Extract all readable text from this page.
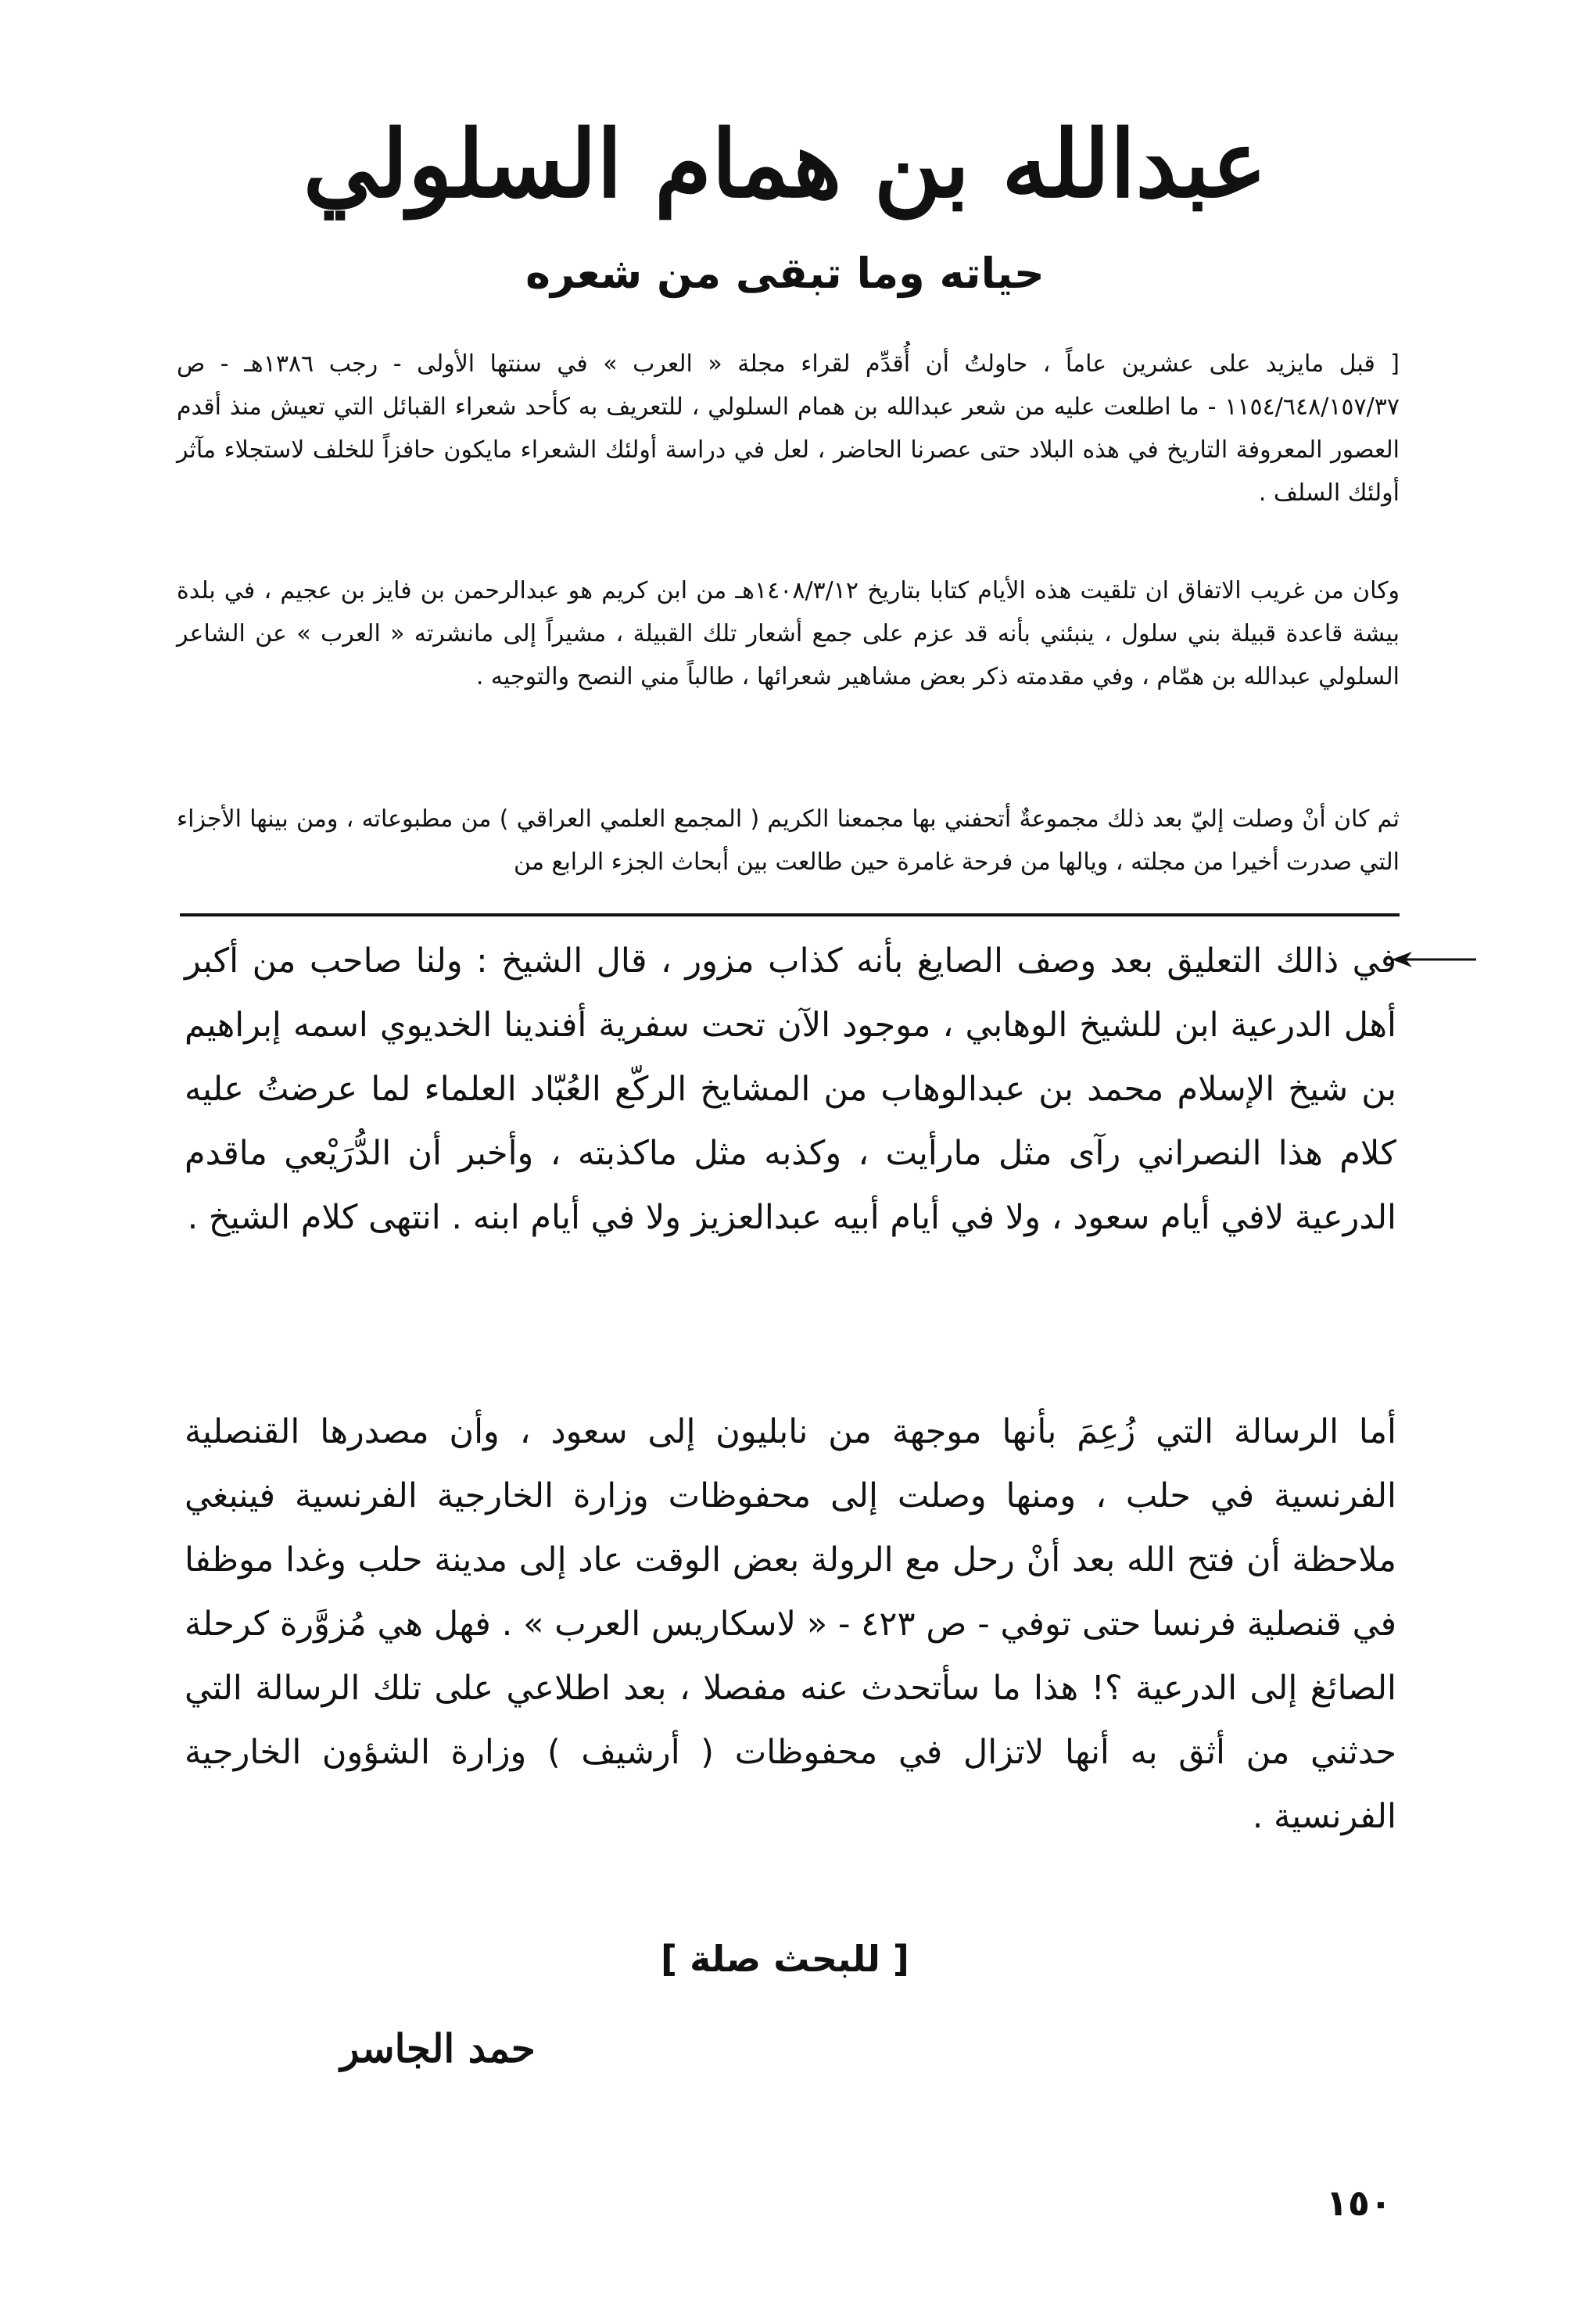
عبدالله بن همام السلولي
حياته وما تبقى من شعره

[ قبل مايزيد على عشرين عاماً ، حاولتُ أن أُقدِّم لقراء مجلة « العرب » في سنتها الأولى - رجب ١٣٨٦هـ - ص ١١٥٤/٦٤٨/١٥٧/٣٧ - ما اطلعت عليه من شعر عبدالله بن همام السلولي ، للتعريف به كأحد شعراء القبائل التي تعيش منذ أقدم العصور المعروفة التاريخ في هذه البلاد حتى عصرنا الحاضر ، لعل في دراسة أولئك الشعراء مايكون حافزاً للخلف لاستجلاء مآثر أولئك السلف .

وكان من غريب الاتفاق ان تلقيت هذه الأيام كتابا بتاريخ ١٤٠٨/٣/١٢هـ من ابن كريم هو عبدالرحمن بن فايز بن عجيم ، في بلدة بيشة قاعدة قبيلة بني سلول ، ينبئني بأنه قد عزم على جمع أشعار تلك القبيلة ، مشيراً إلى مانشرته « العرب » عن الشاعر السلولي عبدالله بن همّام ، وفي مقدمته ذكر بعض مشاهير شعرائها ، طالباً مني النصح والتوجيه .

ثم كان أنْ وصلت إليّ بعد ذلك مجموعةٌ أتحفني بها مجمعنا الكريم ( المجمع العلمي العراقي ) من مطبوعاته ، ومن بينها الأجزاء التي صدرت أخيرا من مجلته ، ويالها من فرحة غامرة حين طالعت بين أبحاث الجزء الرابع من

في ذالك التعليق بعد وصف الصايغ بأنه كذاب مزور ، قال الشيخ : ولنا صاحب من أكبر أهل الدرعية ابن للشيخ الوهابي ، موجود الآن تحت سفرية أفندينا الخديوي اسمه إبراهيم بن شيخ الإسلام محمد بن عبدالوهاب من المشايخ الركّع العُبّاد العلماء لما عرضتُ عليه كلام هذا النصراني رآى مثل مارأيت ، وكذبه مثل ماكذبته ، وأخبر أن الدُّرَيْعي ماقدم الدرعية لافي أيام سعود ، ولا في أيام أبيه عبدالعزيز ولا في أيام ابنه . انتهى كلام الشيخ .

أما الرسالة التي زُعِمَ بأنها موجهة من نابليون إلى سعود ، وأن مصدرها القنصلية الفرنسية في حلب ، ومنها وصلت إلى محفوظات وزارة الخارجية الفرنسية فينبغي ملاحظة أن فتح الله بعد أنْ رحل مع الرولة بعض الوقت عاد إلى مدينة حلب وغدا موظفا في قنصلية فرنسا حتى توفي - ص ٤٢٣ - « لاسكاريس العرب » . فهل هي مُزوَّرة كرحلة الصائغ إلى الدرعية ؟! هذا ما سأتحدث عنه مفصلا ، بعد اطلاعي على تلك الرسالة التي حدثني من أثق به أنها لاتزال في محفوظات ( أرشيف ) وزارة الشؤون الخارجية الفرنسية .

[ للبحث صلة ]
حمد الجاسر
١٥٠
